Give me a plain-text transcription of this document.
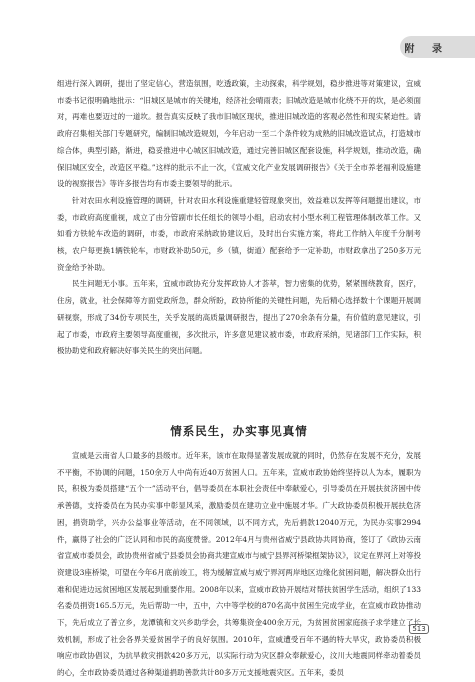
附 录

组进行深入调研，提出了坚定信心，营造氛围，吃透政策，主动探索，科学规划，稳步推进等对策建议，宜威市委书记很明确地批示：“旧城区是城市的关键地，经济社会晴雨表；旧城改造是城市化绕不开的坎，是必须面对，再难也要迈过的一道坎。报告真实反映了我市旧城区现状，推进旧城改造的客观必然性和现实紧迫性。请政府召集相关部门专题研究，编制旧城改造规划，今年启动一至二个条件较为成熟的旧城改造试点，打造城市综合体，典型引路，渐进，稳妥推进中心城区旧城改造，通过完善旧城区配套设施，科学规划，推动改造，确保旧城区安全，改造区平稳。”这样的批示不止一次，《宣威文化产业发展调研报告》《关于全市养老福利设施建设的视察报告》等许多报告均有市委主要领导的批示。

针对农田水利设施管理的调研，针对农田水利设施重建轻管现象突出，效益难以发挥等问题提出建议，市委，市政府高度重视，成立了由分管副市长任组长的领导小组，启动农村小型水利工程管理体制改革工作。又如看方铁轮车改造的调研，市委，市政府采纳政协建议后，及时出台实施方案，将此工作纳入年度千分制考核，农户每更换1辆铁轮车，市财政补助50元，乡（镇，街道）配套给予一定补助，市财政拿出了250多万元资金给予补助。

民生问题无小事。五年来，宜威市政协充分发挥政协人才荟萃，智力密集的优势，紧紧围绕教育，医疗，住房，就业，社会保障等方面党政所急，群众所盼，政协所能的关键性问题，先后精心选择数十个课题开展调研视察，形成了34份专项民生，关乎发展的高质量调研报告，提出了270余条有分量，有价值的意见建议，引起了市委，市政府主要领导高度重视，多次批示，许多意见建议被市委，市政府采纳，见诸部门工作实际，积极协助党和政府解决好事关民生的突出问题。

情系民生，办实事见真情

宣威是云南省人口最多的县级市。近年来，该市在取得显著发展成就的同时，仍然存在发展不充分，发展不平衡，不协调的问题，150余万人中尚有近40万贫困人口。五年来，宣威市政协始终坚持以人为本，履职为民，积极为委员搭建“五个一”活动平台，倡导委员在本职社会责任中奉献爱心，引导委员在开展扶贫济困中传承善德，支持委员在为民办实事中彰显风采，激励委员在建功立业中施展才华。广大政协委员积极开展扶危济困，捐资助学，兴办公益事业等活动，在不同领域，以不同方式，先后捐款12040万元，为民办实事2994件，赢得了社会的广泛认同和市民的高度赞誉。2012年4月与贵州省威宁县政协共同协商，签订了《政协云南省宣威市委员会，政协贵州省威宁县委员会协商共建宣威市与威宁县界河桥梁框架协议》，议定在界河上对等投资建设3座桥梁，可望在今年6月底前竣工，将为缓解宣威与威宁界河两岸地区边缘化贫困问题，解决群众出行难和促进边远贫困地区发展起到重要作用。2008年以来，宣威市政协开展结对帮扶贫困学生活动，组织了133名委员捐资165.5万元，先后帮助一中，五中，六中等学校的870名高中贫困生完成学业，在宣威市政协推动下，先后成立了普立乡，龙潭镇和文兴乡助学会，共筹集资金400余万元，为贫困贫困家庭孩子求学建立了长效机制，形成了社会各界关爱贫困学子的良好氛围。2010年，宣威遭受百年不遇的特大旱灾，政协委员积极响应市政协倡议，为抗旱救灾捐款420多万元，以实际行动为灾区群众奉献爱心，汶川大地震同样牵动着委员的心，全市政协委员通过各种渠道捐助善款共计80多万元支援地震灾区。五年来，委员

513
